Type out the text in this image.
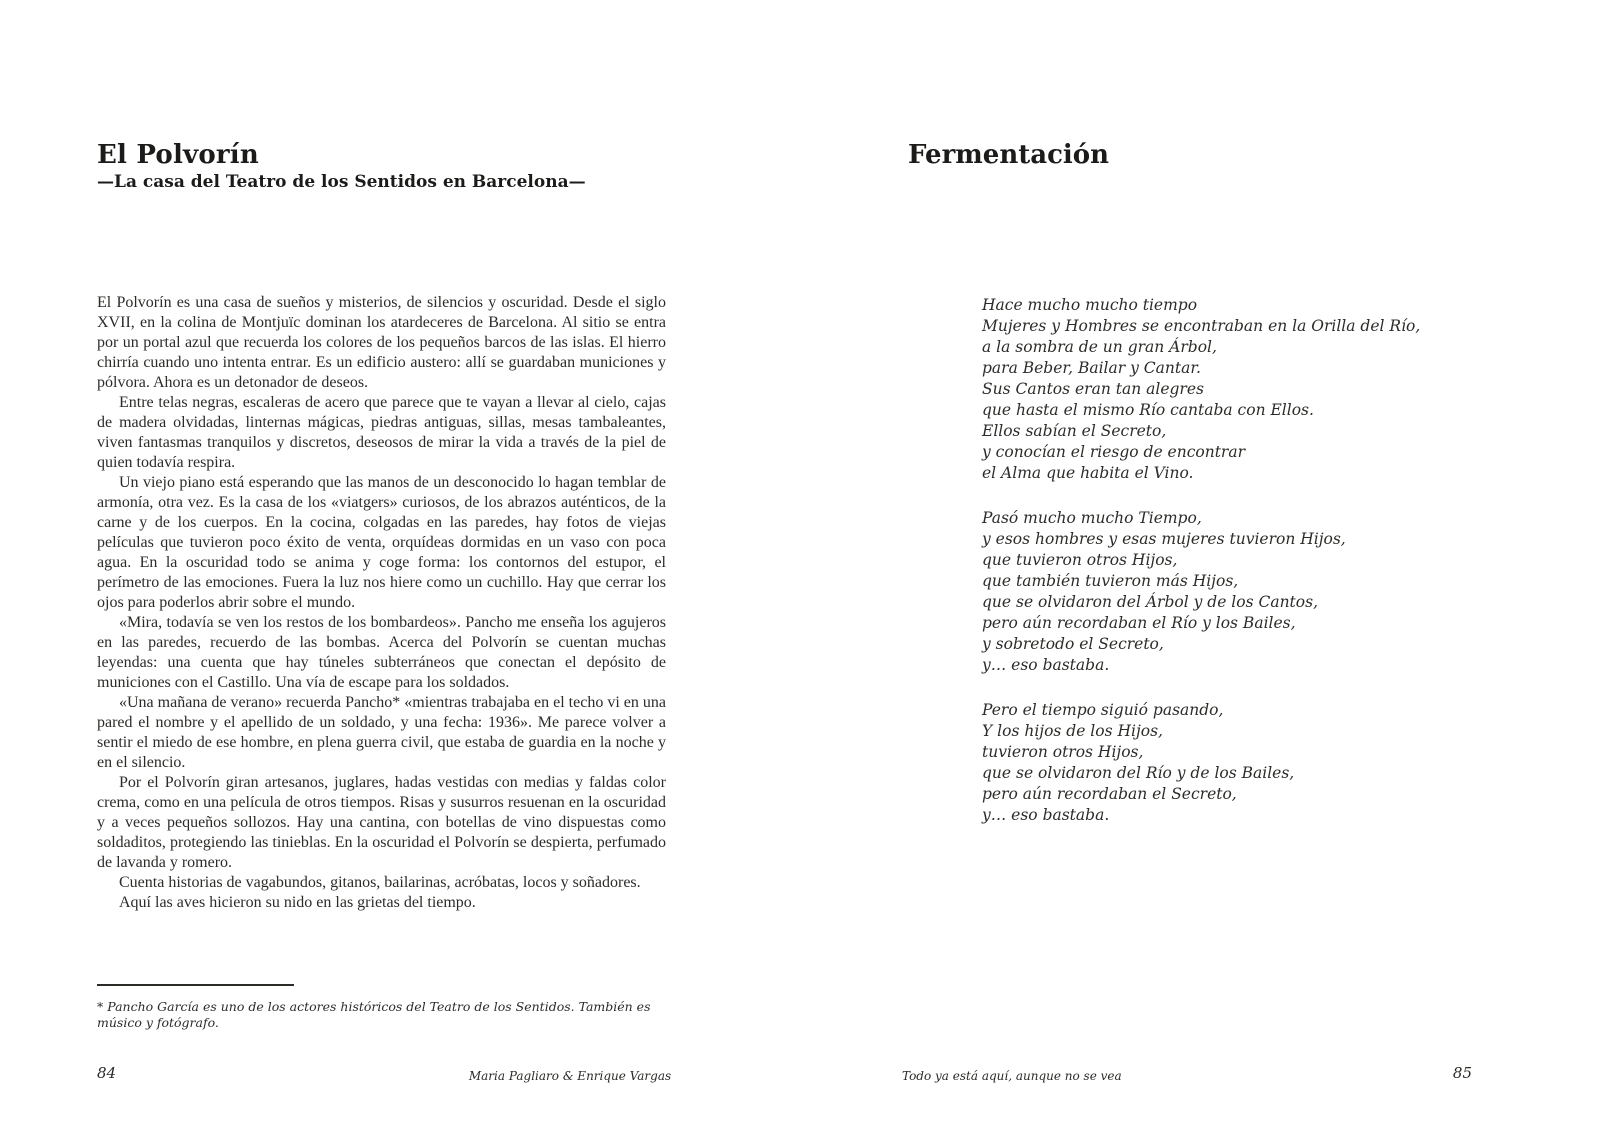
El Polvorín
—La casa del Teatro de los Sentidos en Barcelona—
El Polvorín es una casa de sueños y misterios, de silencios y oscuridad. Desde el siglo XVII, en la colina de Montjuïc dominan los atardeceres de Barcelona. Al sitio se entra por un portal azul que recuerda los colores de los pequeños barcos de las islas. El hierro chirría cuando uno intenta entrar. Es un edificio austero: allí se guardaban municiones y pólvora. Ahora es un detonador de deseos.
Entre telas negras, escaleras de acero que parece que te vayan a llevar al cielo, cajas de madera olvidadas, linternas mágicas, piedras antiguas, sillas, mesas tambaleantes, viven fantasmas tranquilos y discretos, deseosos de mirar la vida a través de la piel de quien todavía respira.
Un viejo piano está esperando que las manos de un desconocido lo hagan temblar de armonía, otra vez. Es la casa de los «viatgers» curiosos, de los abrazos auténticos, de la carne y de los cuerpos. En la cocina, colgadas en las paredes, hay fotos de viejas películas que tuvieron poco éxito de venta, orquídeas dormidas en un vaso con poca agua. En la oscuridad todo se anima y coge forma: los contornos del estupor, el perímetro de las emociones. Fuera la luz nos hiere como un cuchillo. Hay que cerrar los ojos para poderlos abrir sobre el mundo.
«Mira, todavía se ven los restos de los bombardeos». Pancho me enseña los agujeros en las paredes, recuerdo de las bombas. Acerca del Polvorín se cuentan muchas leyendas: una cuenta que hay túneles subterráneos que conectan el depósito de municiones con el Castillo. Una vía de escape para los soldados.
«Una mañana de verano» recuerda Pancho* «mientras trabajaba en el techo vi en una pared el nombre y el apellido de un soldado, y una fecha: 1936». Me parece volver a sentir el miedo de ese hombre, en plena guerra civil, que estaba de guardia en la noche y en el silencio.
Por el Polvorín giran artesanos, juglares, hadas vestidas con medias y faldas color crema, como en una película de otros tiempos. Risas y susurros resuenan en la oscuridad y a veces pequeños sollozos. Hay una cantina, con botellas de vino dispuestas como soldaditos, protegiendo las tinieblas. En la oscuridad el Polvorín se despierta, perfumado de lavanda y romero.
Cuenta historias de vagabundos, gitanos, bailarinas, acróbatas, locos y soñadores.
Aquí las aves hicieron su nido en las grietas del tiempo.
* Pancho García es uno de los actores históricos del Teatro de los Sentidos. También es músico y fotógrafo.
84	Maria Pagliaro & Enrique Vargas
Fermentación
Hace mucho mucho tiempo
Mujeres y Hombres se encontraban en la Orilla del Río,
a la sombra de un gran Árbol,
para Beber, Bailar y Cantar.
Sus Cantos eran tan alegres
que hasta el mismo Río cantaba con Ellos.
Ellos sabían el Secreto,
y conocían el riesgo de encontrar
el Alma que habita el Vino.
Pasó mucho mucho Tiempo,
y esos hombres y esas mujeres tuvieron Hijos,
que tuvieron otros Hijos,
que también tuvieron más Hijos,
que se olvidaron del Árbol y de los Cantos,
pero aún recordaban el Río y los Bailes,
y sobretodo el Secreto,
y… eso bastaba.
Pero el tiempo siguió pasando,
Y los hijos de los Hijos,
tuvieron otros Hijos,
que se olvidaron del Río y de los Bailes,
pero aún recordaban el Secreto,
y… eso bastaba.
Todo ya está aquí, aunque no se vea	85
